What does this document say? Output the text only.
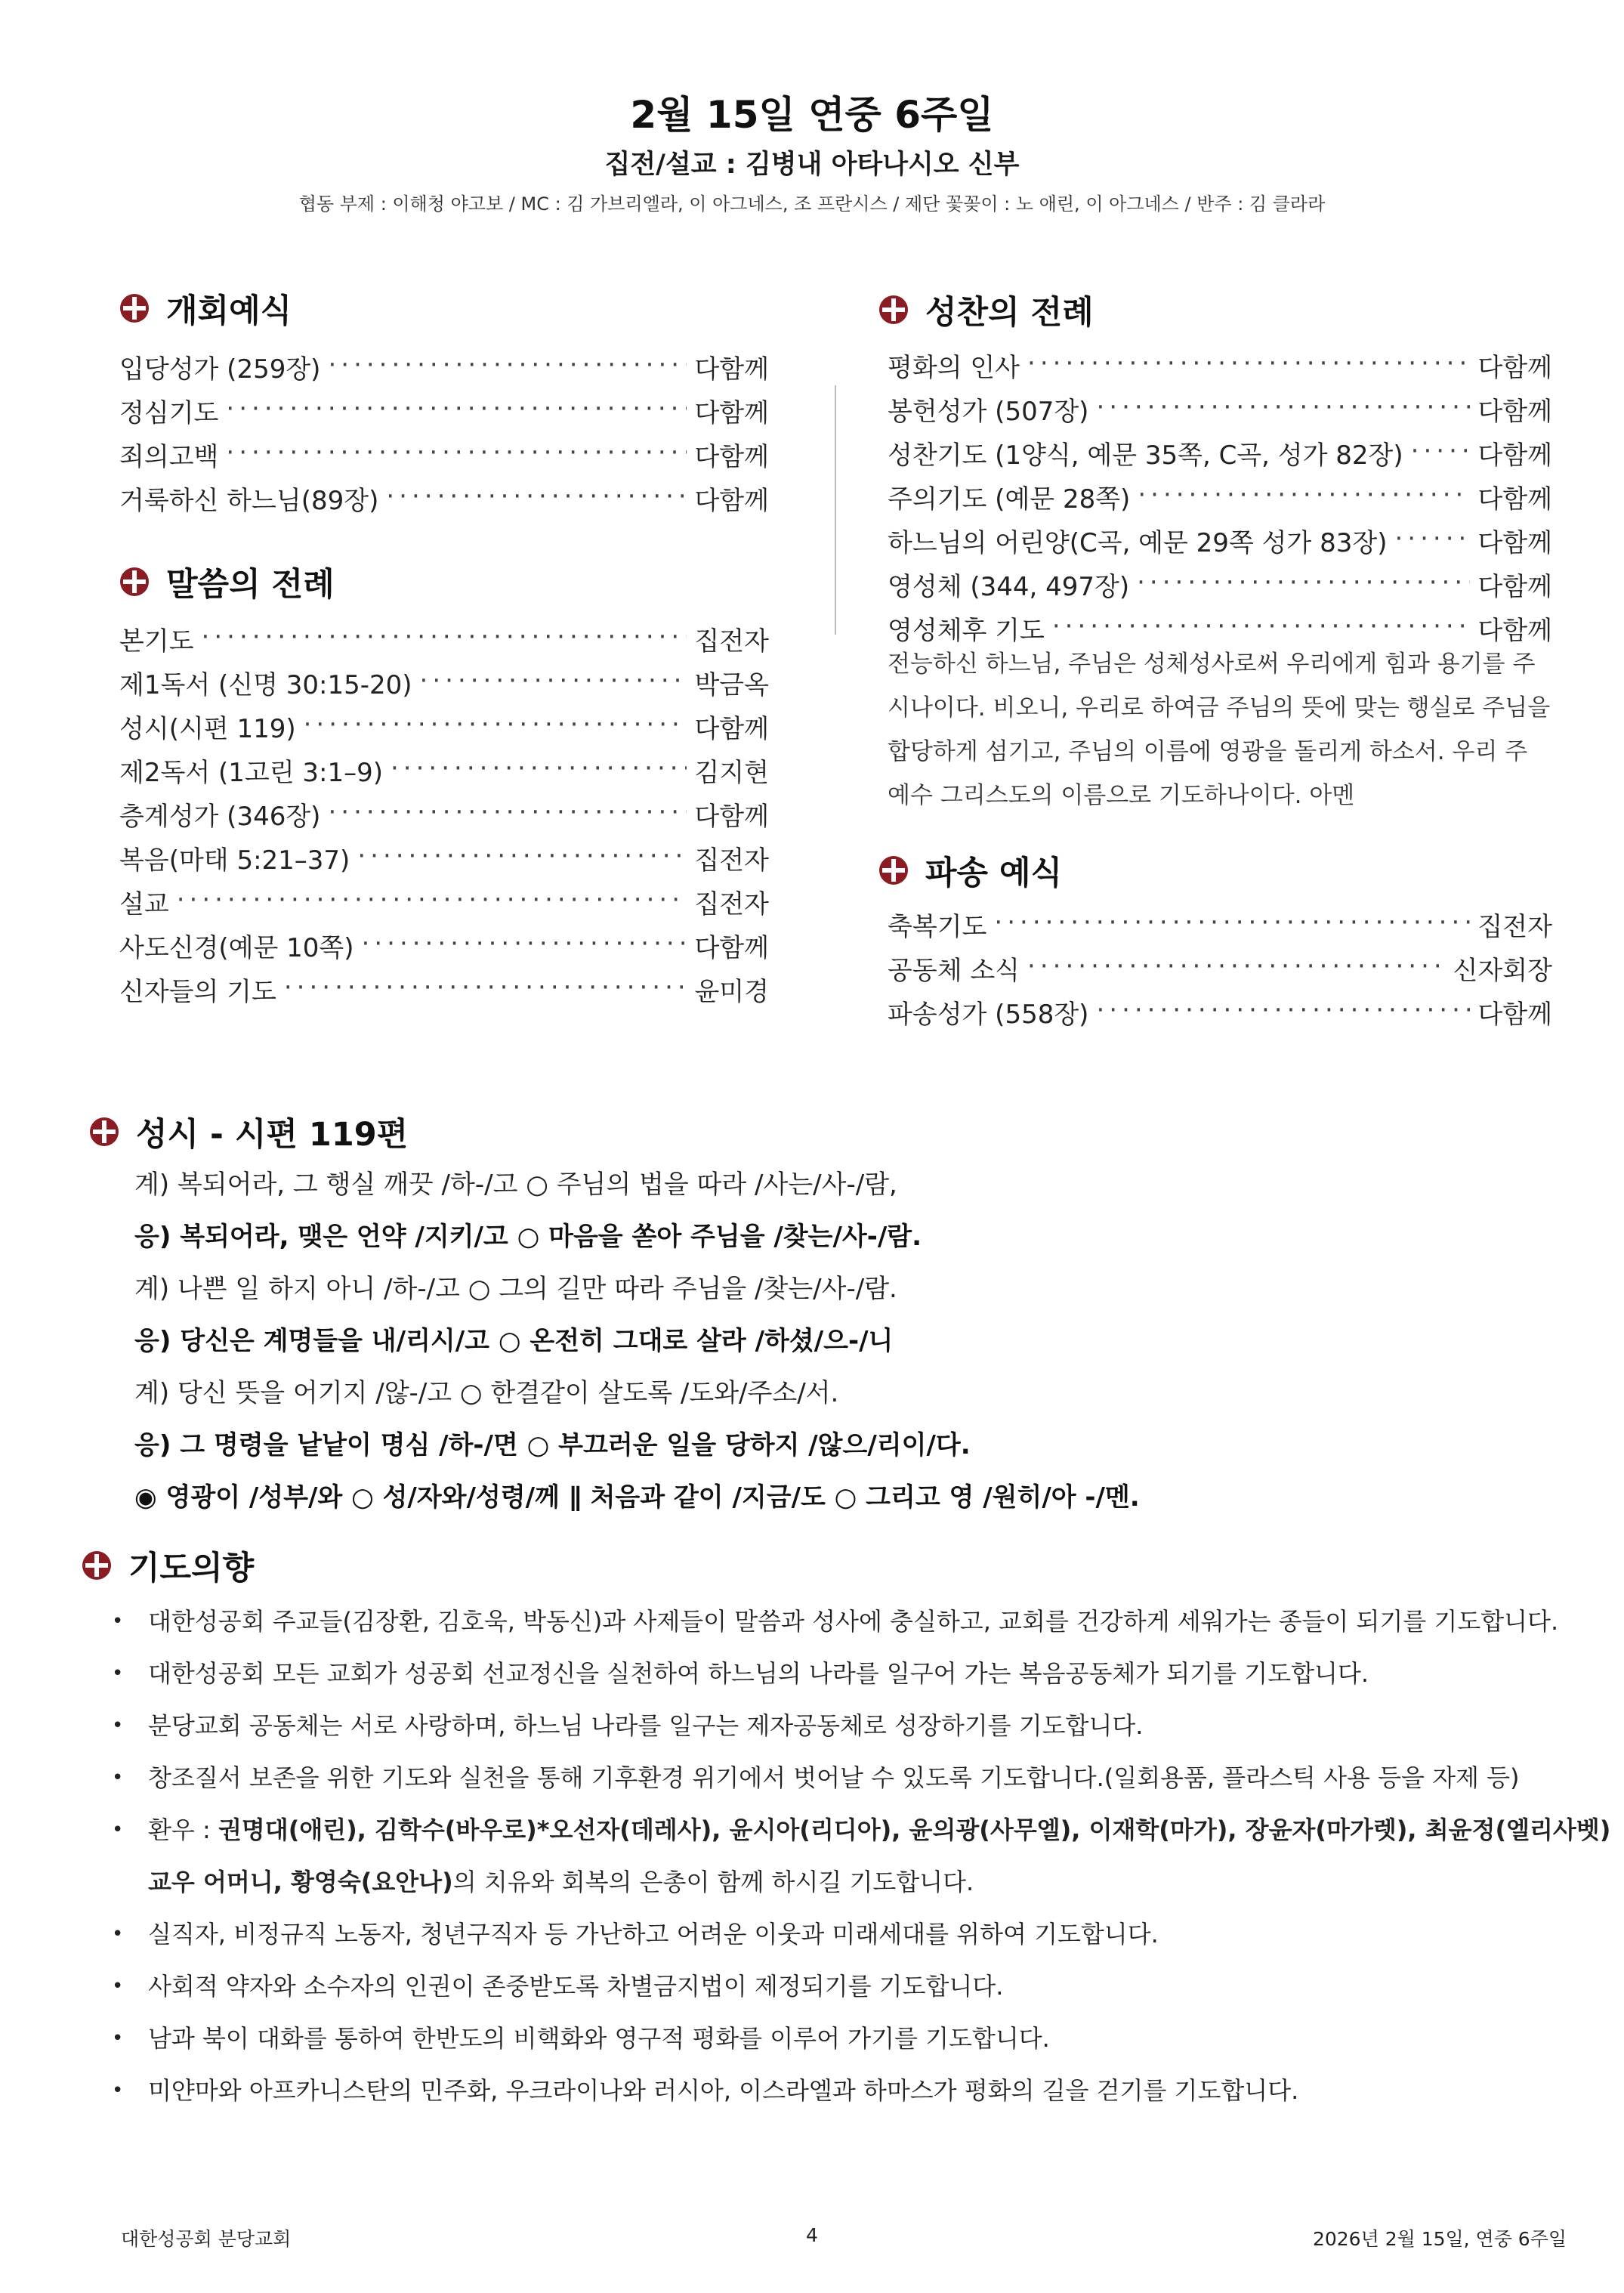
2월 15일 연중 6주일
집전/설교 : 김병내 아타나시오 신부
협동 부제 : 이해청 야고보 / MC : 김 가브리엘라, 이 아그네스, 조 프란시스 / 제단 꽃꽂이 : 노 애린, 이 아그네스 / 반주 : 김 클라라
개회예식
입당성가 (259장) ·····	다함께
정심기도 ·····	다함께
죄의고백 ·····	다함께
거룩하신 하느님(89장) ·····	다함께
말씀의 전례
본기도 ·····	집전자
제1독서 (신명 30:15-20) ·····	박금옥
성시(시편 119) ·····	다함께
제2독서 (1고린 3:1–9) ·····	김지현
층계성가 (346장) ·····	다함께
복음(마태 5:21–37) ·····	집전자
설교 ·····	집전자
사도신경(예문 10쪽) ·····	다함께
신자들의 기도 ·····	윤미경
성찬의 전례
평화의 인사 ·····	다함께
봉헌성가 (507장) ·····	다함께
성찬기도 (1양식, 예문 35쪽, C곡, 성가 82장) ·····	다함께
주의기도 (예문 28쪽) ·····	다함께
하느님의 어린양(C곡, 예문 29쪽 성가 83장) ·····	다함께
영성체 (344, 497장) ·····	다함께
영성체후 기도 ·····	다함께
전능하신 하느님, 주님은 성체성사로써 우리에게 힘과 용기를 주시나이다. 비오니, 우리로 하여금 주님의 뜻에 맞는 행실로 주님을 합당하게 섬기고, 주님의 이름에 영광을 돌리게 하소서. 우리 주 예수 그리스도의 이름으로 기도하나이다. 아멘
파송 예식
축복기도 ·····	집전자
공동체 소식 ·····	신자회장
파송성가 (558장) ·····	다함께
성시 - 시편 119편
계) 복되어라, 그 행실 깨끗 /하-/고 ○ 주님의 법을 따라 /사는/사-/람,
응) 복되어라, 맺은 언약 /지키/고 ○ 마음을 쏟아 주님을 /찾는/사-/람.
계) 나쁜 일 하지 아니 /하-/고 ○ 그의 길만 따라 주님을 /찾는/사-/람.
응) 당신은 계명들을 내/리시/고 ○ 온전히 그대로 살라 /하셨/으-/니
계) 당신 뜻을 어기지 /않-/고 ○ 한결같이 살도록 /도와/주소/서.
응) 그 명령을 낱낱이 명심 /하-/면 ○ 부끄러운 일을 당하지 /않으/리이/다.
◉ 영광이 /성부/와 ○ 성/자와/성령/께 ∥ 처음과 같이 /지금/도 ○ 그리고 영 /원히/아 -/멘.
기도의향
•	대한성공회 주교들(김장환, 김호욱, 박동신)과 사제들이 말씀과 성사에 충실하고, 교회를 건강하게 세워가는 종들이 되기를 기도합니다.
•	대한성공회 모든 교회가 성공회 선교정신을 실천하여 하느님의 나라를 일구어 가는 복음공동체가 되기를 기도합니다.
•	분당교회 공동체는 서로 사랑하며, 하느님 나라를 일구는 제자공동체로 성장하기를 기도합니다.
•	창조질서 보존을 위한 기도와 실천을 통해 기후환경 위기에서 벗어날 수 있도록 기도합니다.(일회용품, 플라스틱 사용 등을 자제 등)
•	환우 : 권명대(애린), 김학수(바우로)*오선자(데레사), 윤시아(리디아), 윤의광(사무엘), 이재학(마가), 장윤자(마가렛), 최윤정(엘리사벳)
교우 어머니, 황영숙(요안나)의 치유와 회복의 은총이 함께 하시길 기도합니다.
•	실직자, 비정규직 노동자, 청년구직자 등 가난하고 어려운 이웃과 미래세대를 위하여 기도합니다.
•	사회적 약자와 소수자의 인권이 존중받도록 차별금지법이 제정되기를 기도합니다.
•	남과 북이 대화를 통하여 한반도의 비핵화와 영구적 평화를 이루어 가기를 기도합니다.
•	미얀마와 아프카니스탄의 민주화, 우크라이나와 러시아, 이스라엘과 하마스가 평화의 길을 걷기를 기도합니다.
대한성공회 분당교회	4	2026년 2월 15일, 연중 6주일
